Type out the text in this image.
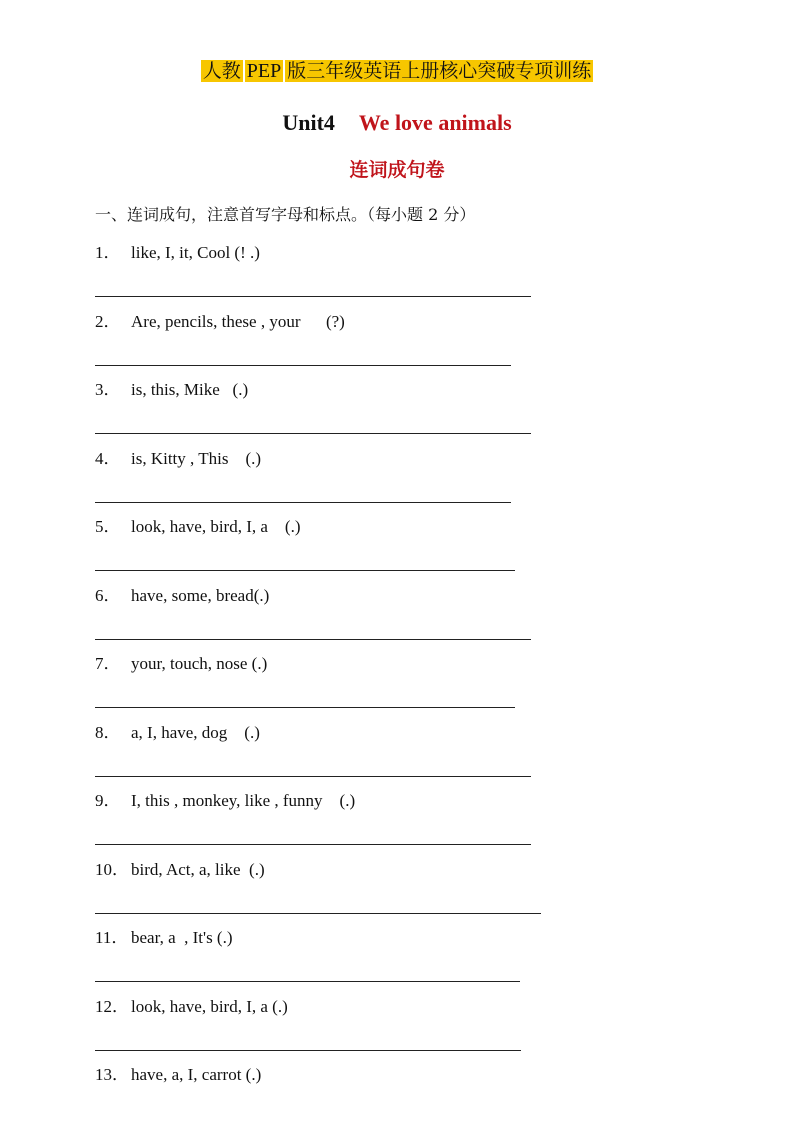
人教 PEP 版三年级英语上册核心突破专项训练
Unit4 We love animals
连词成句卷
一、连词成句，注意首写字母和标点。（每小题 2 分）
1． like, I, it, Cool (! .)
2． Are, pencils, these , your      (?)
3． is, this, Mike   (.)
4． is, Kitty , This    (.)
5． look, have, bird, I, a    (.)
6． have, some, bread(.)
7． your, touch, nose (.)
8． a, I, have, dog    (.)
9． I, this , monkey, like , funny    (.)
10． bird, Act, a, like  (.)
11． bear, a  , It's (.)
12． look, have, bird, I, a (.)
13． have, a, I, carrot (.)
